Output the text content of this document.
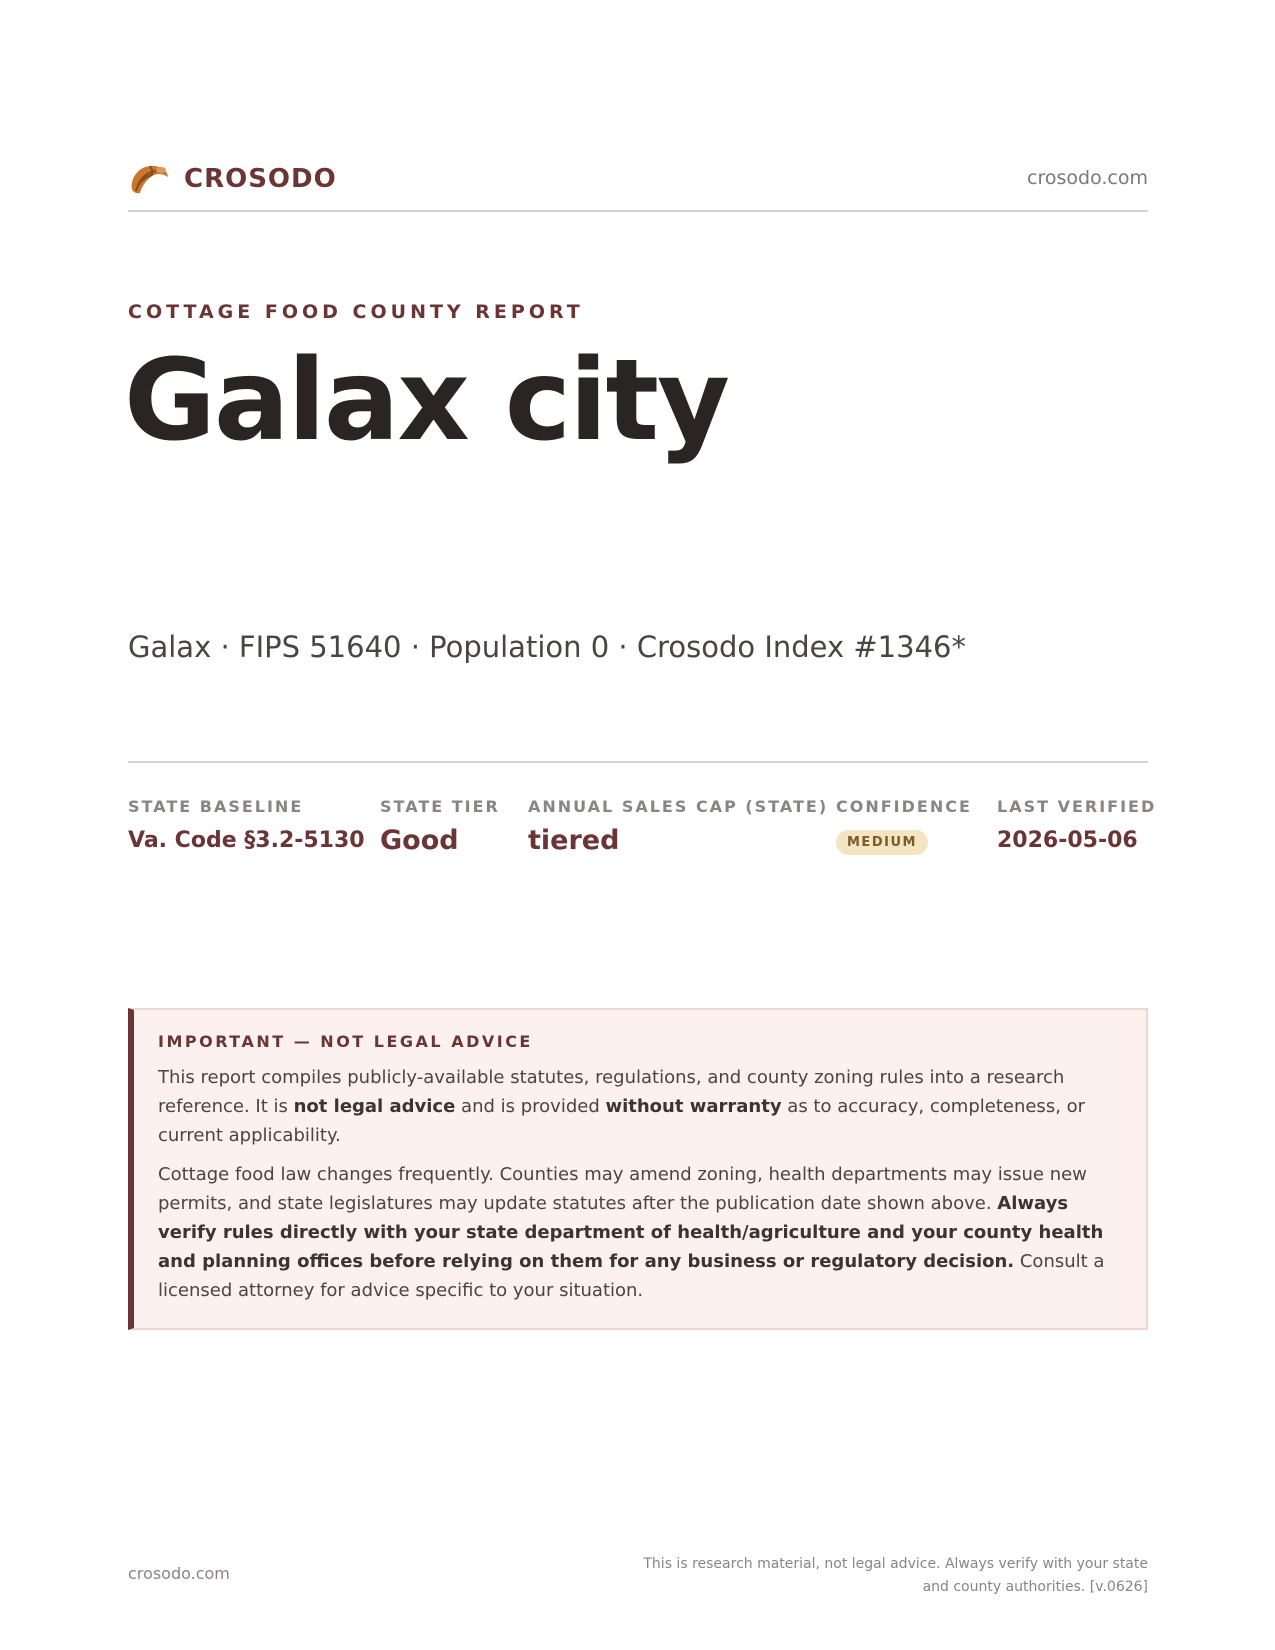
CROSODO	crosodo.com
COTTAGE FOOD COUNTY REPORT
Galax city
Galax · FIPS 51640 · Population 0 · Crosodo Index #1346*
STATE BASELINE
Va. Code §3.2-5130
STATE TIER
Good
ANNUAL SALES CAP (STATE)
tiered
CONFIDENCE
MEDIUM
LAST VERIFIED
2026-05-06
IMPORTANT — NOT LEGAL ADVICE

This report compiles publicly-available statutes, regulations, and county zoning rules into a research reference. It is not legal advice and is provided without warranty as to accuracy, completeness, or current applicability.

Cottage food law changes frequently. Counties may amend zoning, health departments may issue new permits, and state legislatures may update statutes after the publication date shown above. Always verify rules directly with your state department of health/agriculture and your county health and planning offices before relying on them for any business or regulatory decision. Consult a licensed attorney for advice specific to your situation.

crosodo.com	This is research material, not legal advice. Always verify with your state
and county authorities. [v.0626]
